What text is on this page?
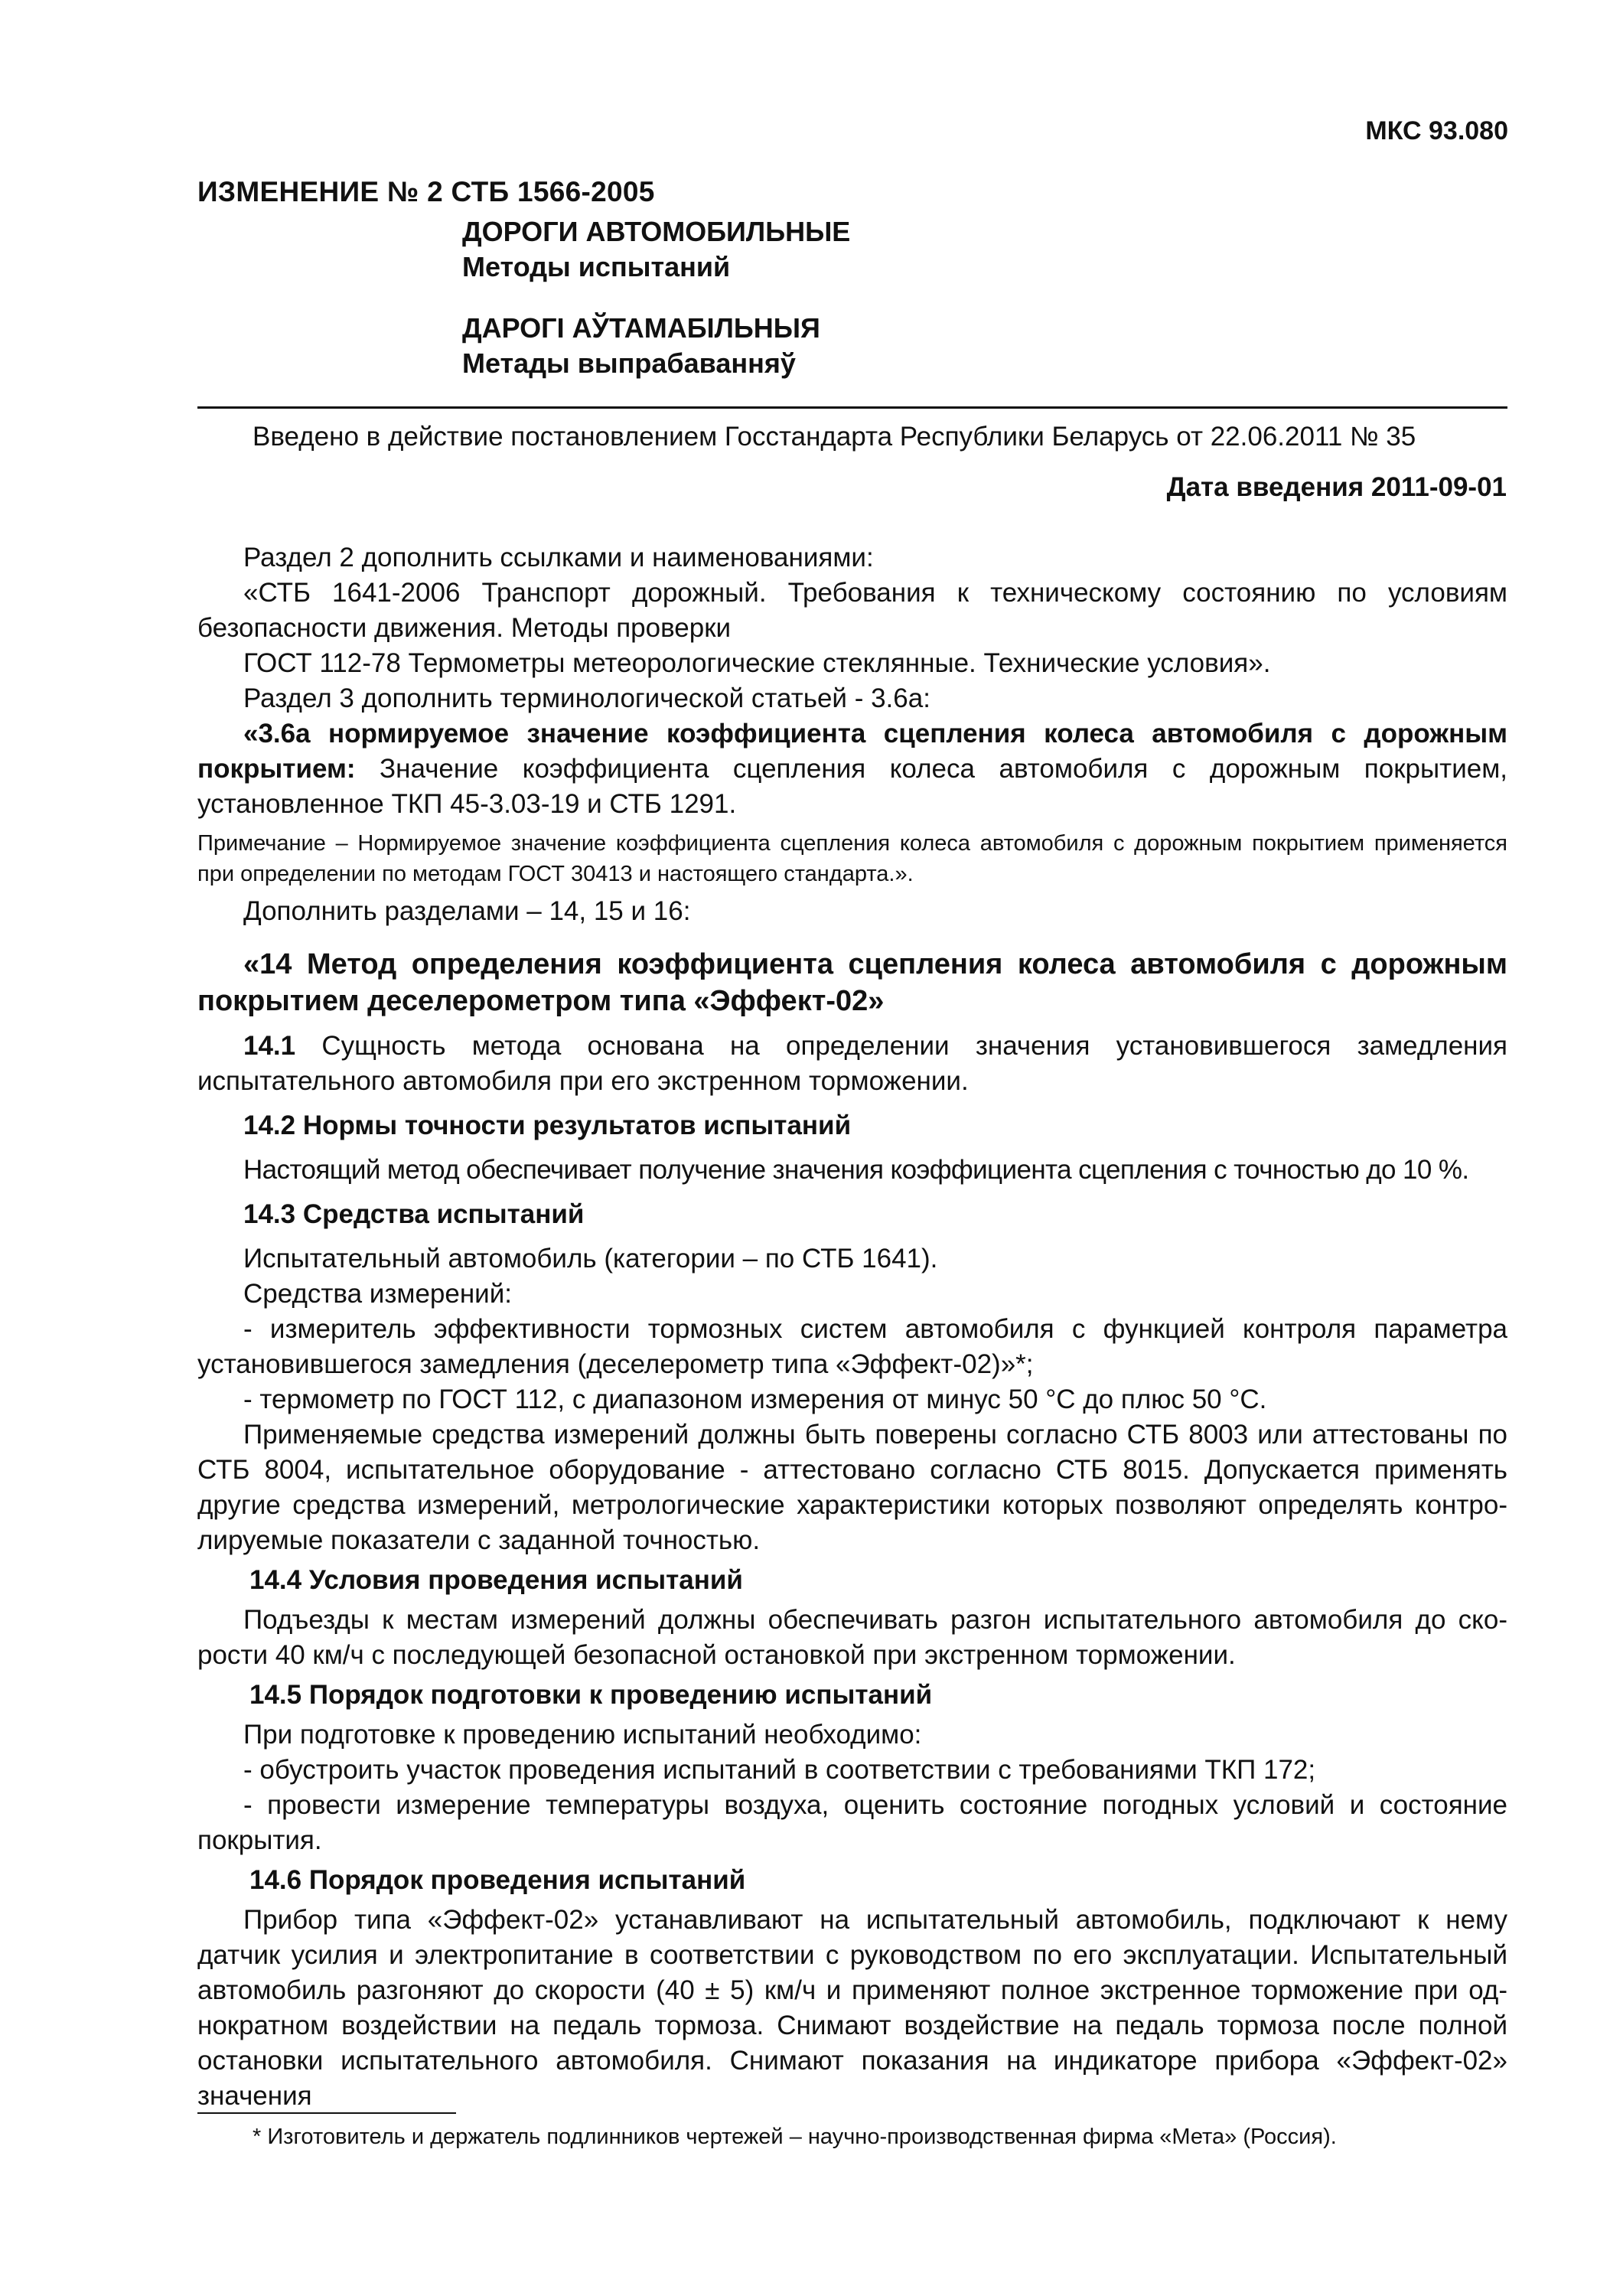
МКС 93.080
ИЗМЕНЕНИЕ № 2 СТБ 1566-2005
ДОРОГИ АВТОМОБИЛЬНЫЕ
Методы испытаний
ДАРОГІ АЎТАМАБІЛЬНЫЯ
Метады выпрабаванняў
Введено в действие постановлением Госстандарта Республики Беларусь от 22.06.2011 № 35
Дата введения 2011-09-01

Раздел 2 дополнить ссылками и наименованиями:

«СТБ 1641-2006 Транспорт дорожный. Требования к техническому состоянию по условиям безопасности движения. Методы проверки

ГОСТ 112-78 Термометры метеорологические стеклянные. Технические условия».

Раздел 3 дополнить терминологической статьей - 3.6а:

«3.6а нормируемое значение коэффициента сцепления колеса автомобиля с дорожным покрытием: Значение коэффициента сцепления колеса автомобиля с дорожным покрытием, установленное ТКП 45-3.03-19 и СТБ 1291.

Примечание – Нормируемое значение коэффициента сцепления колеса автомобиля с дорожным покрытием применяется при определении по методам ГОСТ 30413 и настоящего стандарта.».

Дополнить разделами – 14, 15 и 16:

«14 Метод определения коэффициента сцепления колеса автомобиля с дорожным покрытием деселерометром типа «Эффект-02»

14.1 Сущность метода основана на определении значения установившегося замедления испытательного автомобиля при его экстренном торможении.

14.2 Нормы точности результатов испытаний

Настоящий метод обеспечивает получение значения коэффициента сцепления с точностью до 10 %.

14.3 Средства испытаний

Испытательный автомобиль (категории – по СТБ 1641).

Средства измерений:

- измеритель эффективности тормозных систем автомобиля с функцией контроля параметра установившегося замедления (деселерометр типа «Эффект-02)»*;

- термометр по ГОСТ 112, с диапазоном измерения от минус 50 °С до плюс 50 °С.

Применяемые средства измерений должны быть поверены согласно СТБ 8003 или аттестованы по СТБ 8004, испытательное оборудование - аттестовано согласно СТБ 8015. Допускается применять другие средства измерений, метрологические характеристики которых позволяют определять контролируемые показатели с заданной точностью.

14.4 Условия проведения испытаний

Подъезды к местам измерений должны обеспечивать разгон испытательного автомобиля до скорости 40 км/ч с последующей безопасной остановкой при экстренном торможении.

14.5 Порядок подготовки к проведению испытаний

При подготовке к проведению испытаний необходимо:

- обустроить участок проведения испытаний в соответствии с требованиями ТКП 172;

- провести измерение температуры воздуха, оценить состояние погодных условий и состояние покрытия.

14.6 Порядок проведения испытаний

Прибор типа «Эффект-02» устанавливают на испытательный автомобиль, подключают к нему датчик усилия и электропитание в соответствии с руководством по его эксплуатации. Испытательный автомобиль разгоняют до скорости (40 ± 5) км/ч и применяют полное экстренное торможение при однократном воздействии на педаль тормоза. Снимают воздействие на педаль тормоза после полной остановки испытательного автомобиля. Снимают показания на индикаторе прибора «Эффект-02» значения

* Изготовитель и держатель подлинников чертежей – научно-производственная фирма «Мета» (Россия).
